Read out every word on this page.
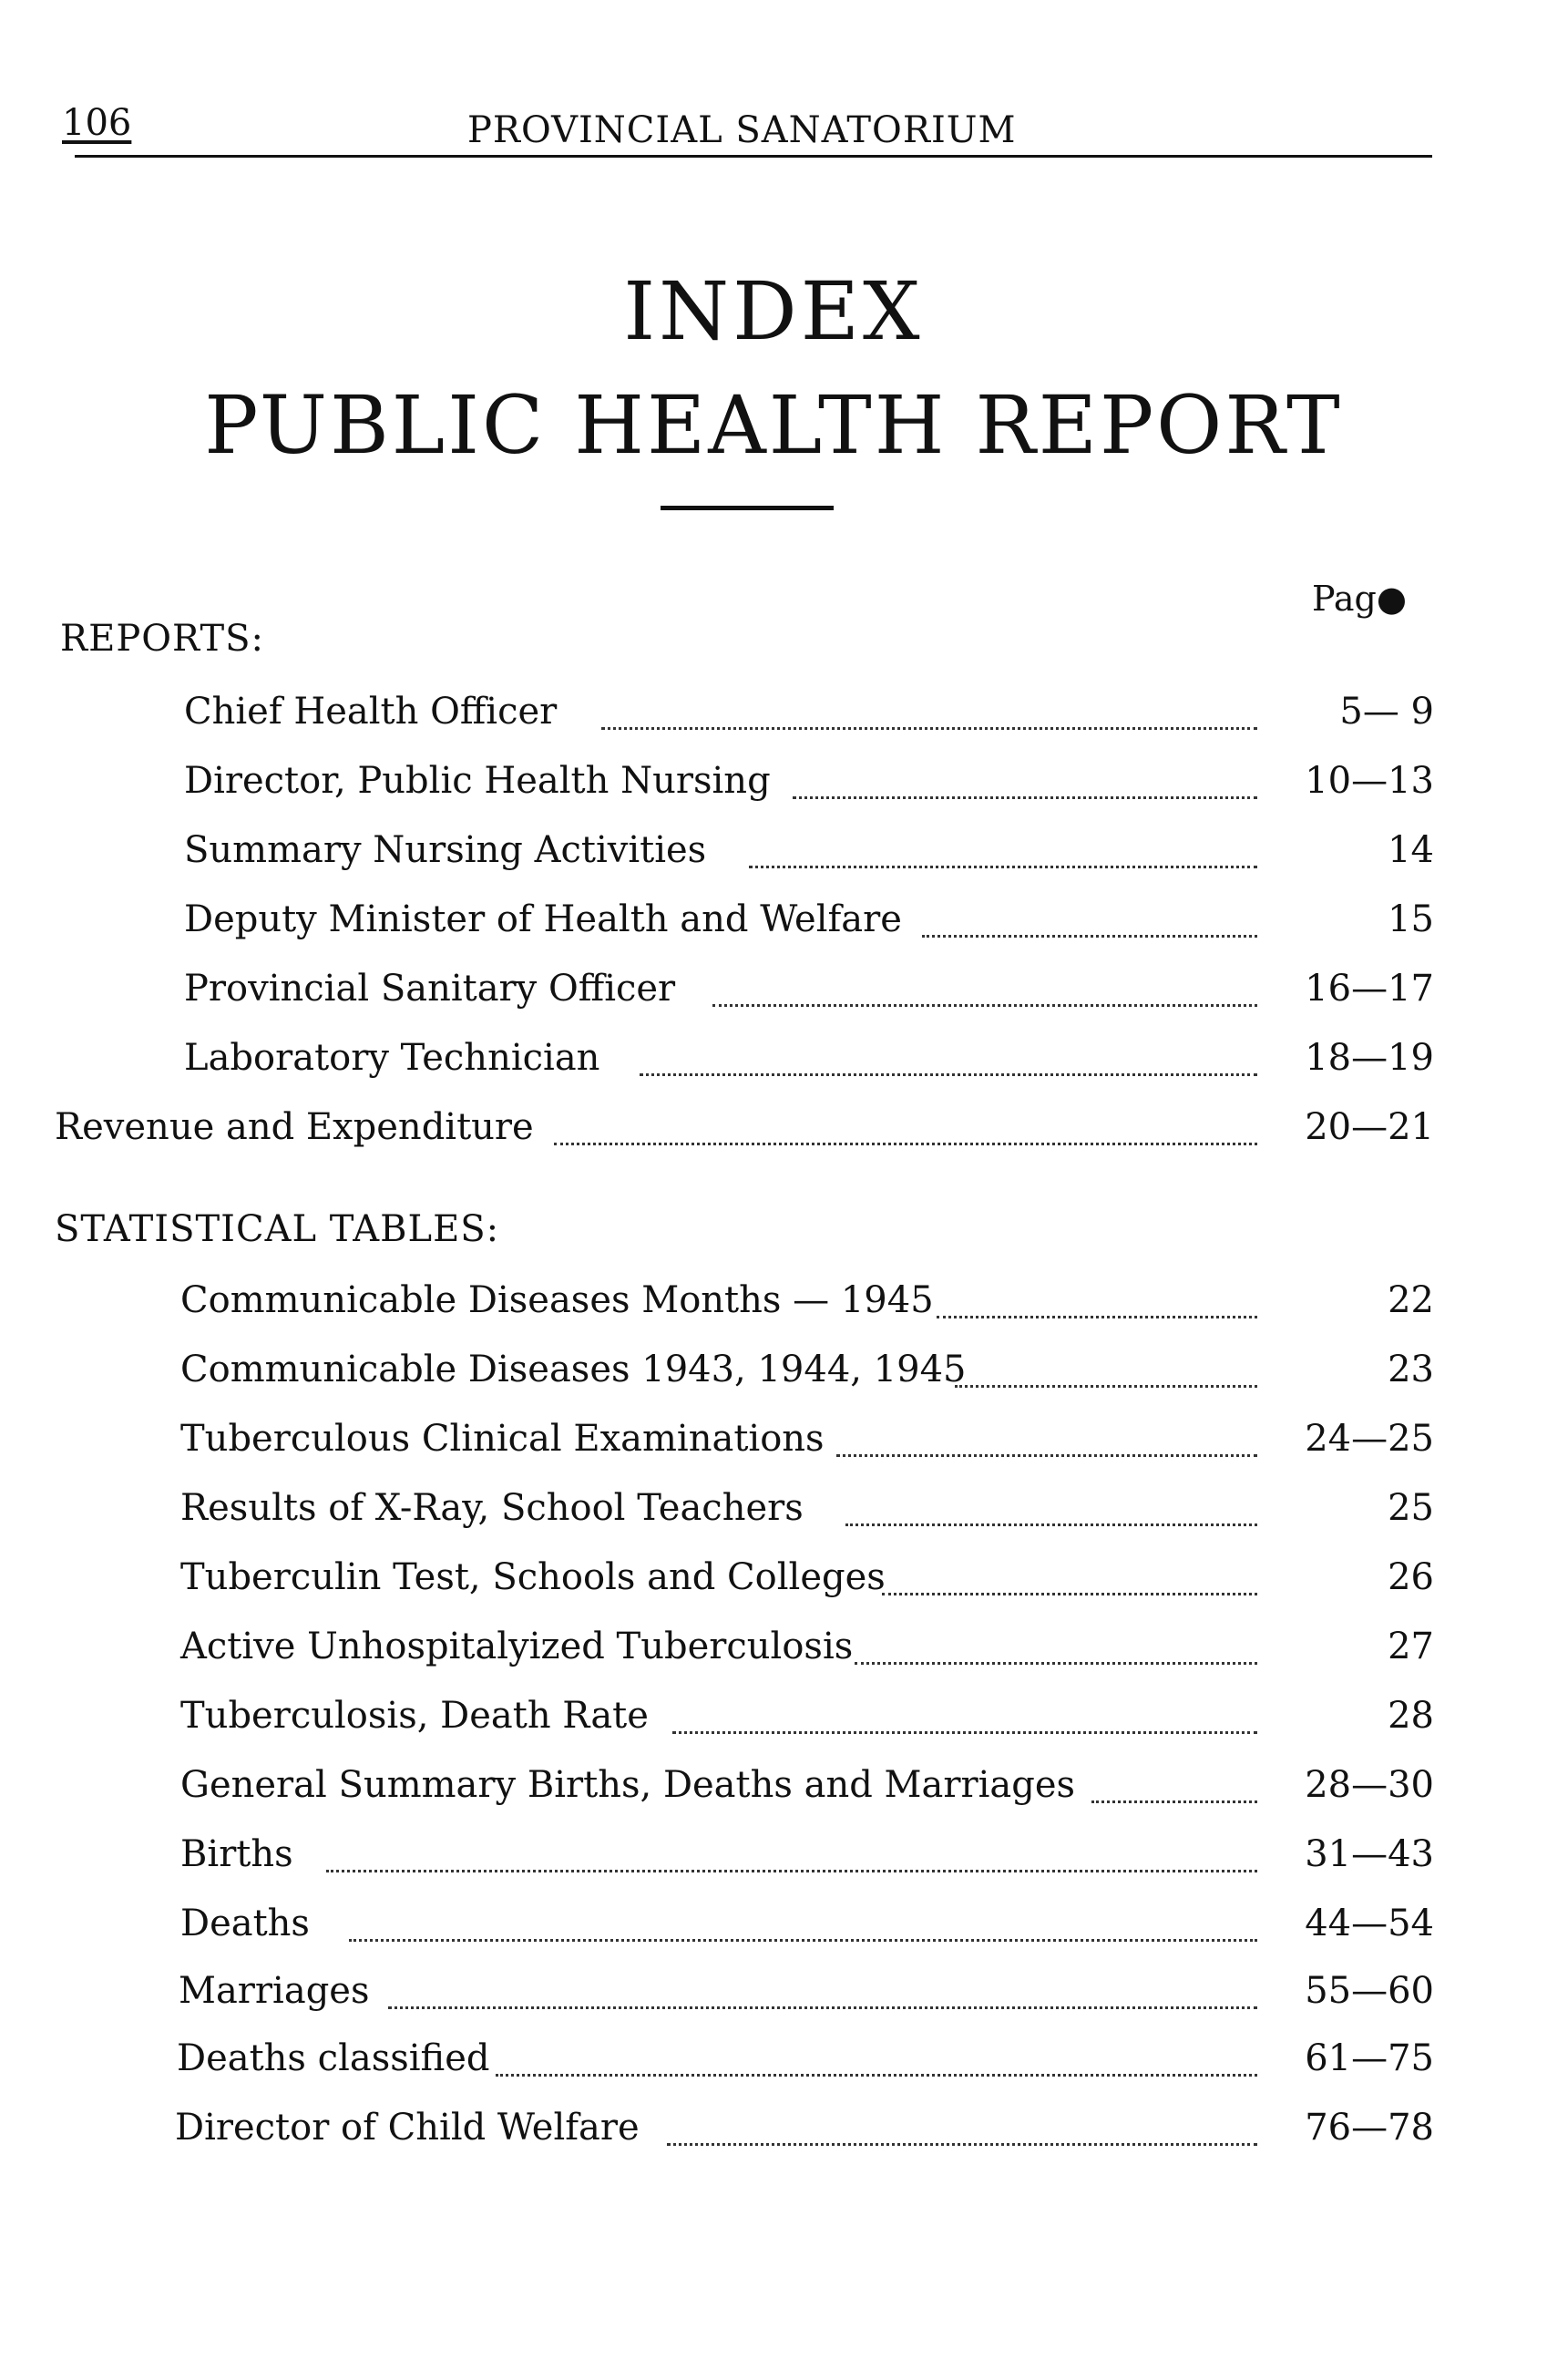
106	PROVINCIAL SANATORIUM
INDEX
PUBLIC HEALTH REPORT
Pag●
REPORTS:
Chief Health Officer	5— 9
Director, Public Health Nursing	10—13
Summary Nursing Activities	14
Deputy Minister of Health and Welfare	15
Provincial Sanitary Officer	16—17
Laboratory Technician	18—19
Revenue and Expenditure	20—21
STATISTICAL TABLES:
Communicable Diseases Months — 1945	22
Communicable Diseases 1943, 1944, 1945	23
Tuberculous Clinical Examinations	24—25
Results of X-Ray, School Teachers	25
Tuberculin Test, Schools and Colleges	26
Active Unhospitalyized Tuberculosis	27
Tuberculosis, Death Rate	28
General Summary Births, Deaths and Marriages	28—30
Births	31—43
Deaths	44—54
Marriages	55—60
Deaths classified	61—75
Director of Child Welfare	76—78
